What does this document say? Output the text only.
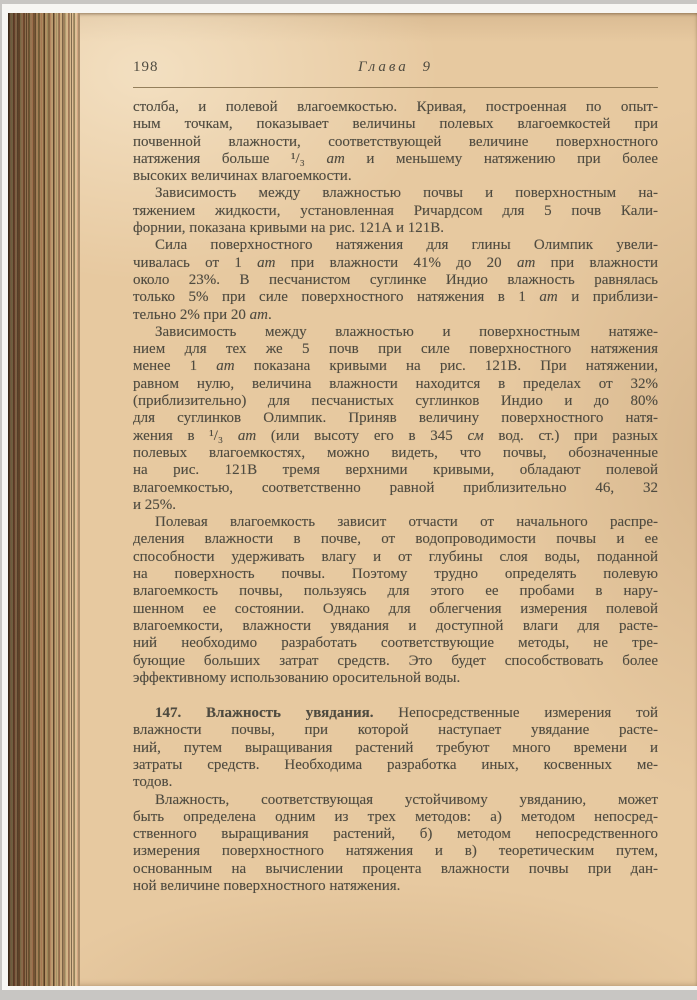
198	Глава 9
столба, и полевой влагоемкостью. Кривая, построенная по опыт-
ным точкам, показывает величины полевых влагоемкостей при
почвенной влажности, соответствующей величине поверхностного
натяжения больше ¹/₃ ат и меньшему натяжению при более
высоких величинах влагоемкости.
Зависимость между влажностью почвы и поверхностным на-
тяжением жидкости, установленная Ричардсом для 5 почв Кали-
форнии, показана кривыми на рис. 121А и 121В.
Сила поверхностного натяжения для глины Олимпик увели-
чивалась от 1 ат при влажности 41% до 20 ат при влажности
около 23%. В песчанистом суглинке Индио влажность равнялась
только 5% при силе поверхностного натяжения в 1 ат и приблизи-
тельно 2% при 20 ат.
Зависимость между влажностью и поверхностным натяже-
нием для тех же 5 почв при силе поверхностного натяжения
менее 1 ат показана кривыми на рис. 121В. При натяжении,
равном нулю, величина влажности находится в пределах от 32%
(приблизительно) для песчанистых суглинков Индио и до 80%
для суглинков Олимпик. Приняв величину поверхностного натя-
жения в ¹/₃ ат (или высоту его в 345 см вод. ст.) при разных
полевых влагоемкостях, можно видеть, что почвы, обозначенные
на рис. 121В тремя верхними кривыми, обладают полевой
влагоемкостью, соответственно равной приблизительно 46, 32
и 25%.
Полевая влагоемкость зависит отчасти от начального распре-
деления влажности в почве, от водопроводимости почвы и ее
способности удерживать влагу и от глубины слоя воды, поданной
на поверхность почвы. Поэтому трудно определять полевую
влагоемкость почвы, пользуясь для этого ее пробами в нару-
шенном ее состоянии. Однако для облегчения измерения полевой
влагоемкости, влажности увядания и доступной влаги для расте-
ний необходимо разработать соответствующие методы, не тре-
бующие больших затрат средств. Это будет способствовать более
эффективному использованию оросительной воды.
147. Влажность увядания. Непосредственные измерения той
влажности почвы, при которой наступает увядание расте-
ний, путем выращивания растений требуют много времени и
затраты средств. Необходима разработка иных, косвенных ме-
тодов.
Влажность, соответствующая устойчивому увяданию, может
быть определена одним из трех методов: а) методом непосред-
ственного выращивания растений, б) методом непосредственного
измерения поверхностного натяжения и в) теоретическим путем,
основанным на вычислении процента влажности почвы при дан-
ной величине поверхностного натяжения.
